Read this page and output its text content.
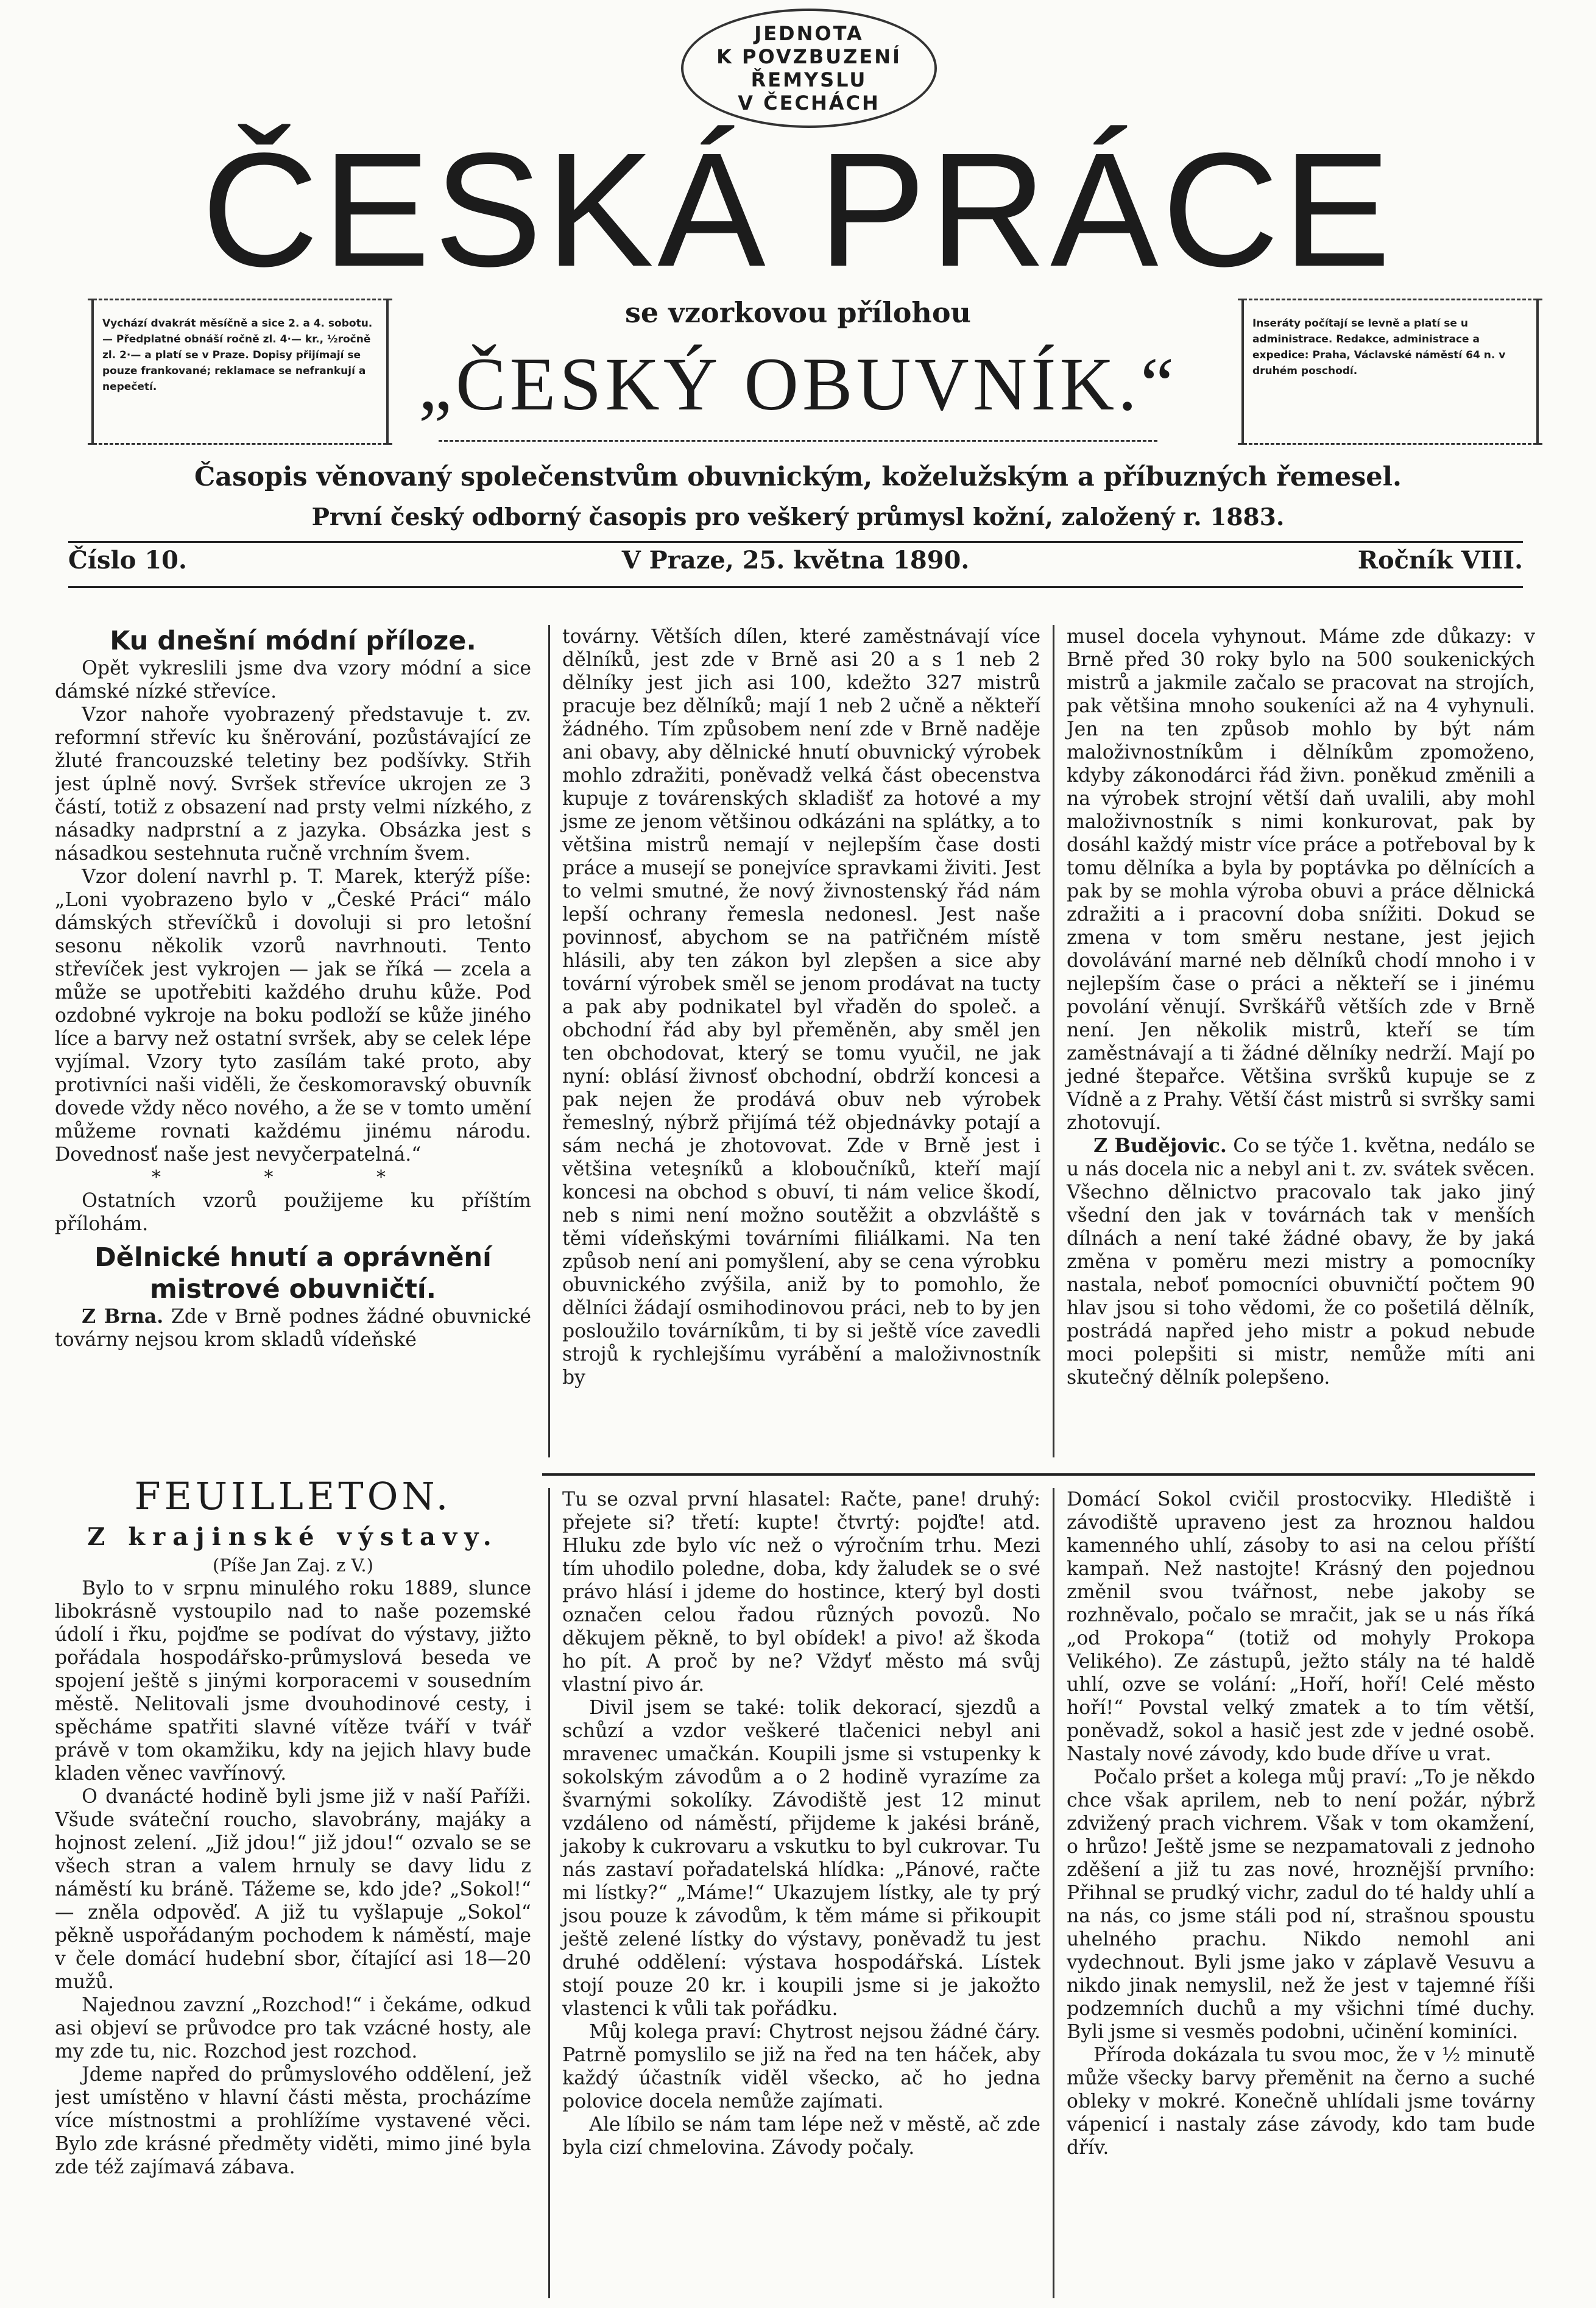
JEDNOTA
K POVZBUZENÍ
ŘEMYSLU
V ČECHÁCH
ČESKÁ PRÁCE
Vychází dvakrát měsíčně a sice 2. a 4. sobotu. — Předplatné obnáší ročně zl. 4·— kr., ½ročně zl. 2·— a platí se v Praze. Dopisy přijímají se pouze frankované; reklamace se nefrankují a nepečetí.
Inseráty počítají se levně a platí se u administrace. Redakce, administrace a expedice: Praha, Václavské náměstí 64 n. v druhém poschodí.
se vzorkovou přílohou
„ČESKÝ OBUVNÍK.“
Časopis věnovaný společenstvům obuvnickým, koželužským a příbuzných řemesel.
První český odborný časopis pro veškerý průmysl kožní, založený r. 1883.
Číslo 10.	V Praze, 25. května 1890.	Ročník VIII.
Ku dnešní módní příloze.

Opět vykreslili jsme dva vzory módní a sice dámské nízké střevíce.

Vzor nahoře vyobrazený představuje t. zv. reformní střevíc ku šněrování, pozůstávající ze žluté francouzské teletiny bez podšívky. Střih jest úplně nový. Svršek střevíce ukrojen ze 3 částí, totiž z obsazení nad prsty velmi nízkého, z násadky nadprstní a z jazyka. Obsázka jest s násadkou sestehnuta ručně vrchním švem.

Vzor dolení navrhl p. T. Marek, kterýž píše: „Loni vyobrazeno bylo v „České Práci“ málo dámských střevíčků i dovoluji si pro letošní sesonu několik vzorů navrhnouti. Tento střevíček jest vykrojen — jak se říká — zcela a může se upotřebiti každého druhu kůže. Pod ozdobné vykroje na boku podloží se kůže jiného líce a barvy než ostatní svršek, aby se celek lépe vyjímal. Vzory tyto zasílám také proto, aby protivníci naši viděli, že českomoravský obuvník dovede vždy něco nového, a že se v tomto umění můžeme rovnati každému jinému národu. Dovednosť naše jest nevyčerpatelná.“

* * *

Ostatních vzorů použijeme ku příštím přílohám.

Dělnické hnutí a oprávnění mistrové obuvničtí.

Z Brna. Zde v Brně podnes žádné obuvnické továrny nejsou krom skladů vídeňské

továrny. Větších dílen, které zaměstnávají více dělníků, jest zde v Brně asi 20 a s 1 neb 2 dělníky jest jich asi 100, kdežto 327 mistrů pracuje bez dělníků; mají 1 neb 2 učně a někteří žádného. Tím způsobem není zde v Brně naděje ani obavy, aby dělnické hnutí obuvnický výrobek mohlo zdražiti, poněvadž velká část obecenstva kupuje z továrenských skladišť za hotové a my jsme ze jenom většinou odkázáni na splátky, a to většina mistrů nemají v nejlepším čase dosti práce a musejí se ponejvíce spravkami živiti. Jest to velmi smutné, že nový živnostenský řád nám lepší ochrany řemesla nedonesl. Jest naše povinnosť, abychom se na patřičném místě hlásili, aby ten zákon byl zlepšen a sice aby tovární výrobek směl se jenom prodávat na tucty a pak aby podnikatel byl vřaděn do společ. a obchodní řád aby byl přeměněn, aby směl jen ten obchodovat, který se tomu vyučil, ne jak nyní: oblásí živnosť obchodní, obdrží koncesi a pak nejen že prodává obuv neb výrobek řemeslný, nýbrž přijímá též objednávky potají a sám nechá je zhotovovat. Zde v Brně jest i většina veteşníků a kloboučníků, kteří mají koncesi na obchod s obuví, ti nám velice škodí, neb s nimi není možno soutěžit a obzvláště s těmi vídeňskými továrními filiálkami. Na ten způsob není ani pomyšlení, aby se cena výrobku obuvnického zvýšila, aniž by to pomohlo, že dělníci žádají osmihodinovou práci, neb to by jen posloužilo továrníkům, ti by si ještě více zavedli strojů k rychlejšímu vyrábění a maloživnostník by

musel docela vyhynout. Máme zde důkazy: v Brně před 30 roky bylo na 500 soukenických mistrů a jakmile začalo se pracovat na strojích, pak většina mnoho soukeníci až na 4 vyhynuli. Jen na ten způsob mohlo by být nám maloživnostníkům i dělníkům zpomoženo, kdyby zákonodárci řád živn. poněkud změnili a na výrobek strojní větší daň uvalili, aby mohl maloživnostník s nimi konkurovat, pak by dosáhl každý mistr více práce a potřeboval by k tomu dělníka a byla by poptávka po dělnících a pak by se mohla výroba obuvi a práce dělnická zdražiti a i pracovní doba snížiti. Dokud se zmena v tom směru nestane, jest jejich dovolávání marné neb dělníků chodí mnoho i v nejlepším čase o práci a někteří se i jinému povolání věnují. Svrškářů větších zde v Brně není. Jen několik mistrů, kteří se tím zaměstnávají a ti žádné dělníky nedrží. Mají po jedné štepařce. Většina svršků kupuje se z Vídně a z Prahy. Větší část mistrů si svršky sami zhotovují.

Z Budějovic. Co se týče 1. května, nedálo se u nás docela nic a nebyl ani t. zv. svátek svěcen. Všechno dělnictvo pracovalo tak jako jiný všední den jak v továrnách tak v menších dílnách a není také žádné obavy, že by jaká změna v poměru mezi mistry a pomocníky nastala, neboť pomocníci obuvničtí počtem 90 hlav jsou si toho vědomi, že co pošetilá dělník, postrádá napřed jeho mistr a pokud nebude moci polepšiti si mistr, nemůže míti ani skutečný dělník polepšeno.

FEUILLETON.
Z krajinské výstavy.
(Píše Jan Zaj. z V.)

Bylo to v srpnu minulého roku 1889, slunce libokrásně vystoupilo nad to naše pozemské údolí i řku, pojďme se podívat do výstavy, jižto pořádala hospodářsko-průmyslová beseda ve spojení ještě s jinými korporacemi v sousedním městě. Nelitovali jsme dvouhodinové cesty, i spěcháme spatřiti slavné vítěze tváří v tvář právě v tom okamžiku, kdy na jejich hlavy bude kladen věnec vavřínový.

O dvanácté hodině byli jsme již v naší Paříži. Všude sváteční roucho, slavobrány, majáky a hojnost zelení. „Již jdou!“ již jdou!“ ozvalo se se všech stran a valem hrnuly se davy lidu z náměstí ku bráně. Tážeme se, kdo jde? „Sokol!“ — zněla odpověď. A již tu vyšlapuje „Sokol“ pěkně uspořádaným pochodem k náměstí, maje v čele domácí hudební sbor, čítající asi 18—20 mužů.

Najednou zavzní „Rozchod!“ i čekáme, odkud asi objeví se průvodce pro tak vzácné hosty, ale my zde tu, nic. Rozchod jest rozchod.

Jdeme napřed do průmyslového oddělení, jež jest umístěno v hlavní části města, procházíme více místnostmi a prohlížíme vystavené věci. Bylo zde krásné předměty viděti, mimo jiné byla zde též zajímavá zábava.

Tu se ozval první hlasatel: Račte, pane! druhý: přejete si? třetí: kupte! čtvrtý: pojďte! atd. Hluku zde bylo víc než o výročním trhu. Mezi tím uhodilo poledne, doba, kdy žaludek se o své právo hlásí i jdeme do hostince, který byl dosti označen celou řadou různých povozů. No děkujem pěkně, to byl obídek! a pivo! až škoda ho pít. A proč by ne? Vždyť město má svůj vlastní pivo ár.

Divil jsem se také: tolik dekorací, sjezdů a schůzí a vzdor veškeré tlačenici nebyl ani mravenec umačkán. Koupili jsme si vstupenky k sokolským závodům a o 2 hodině vyrazíme za švarnými sokolíky. Závodiště jest 12 minut vzdáleno od náměstí, přijdeme k jakési bráně, jakoby k cukrovaru a vskutku to byl cukrovar. Tu nás zastaví pořadatelská hlídka: „Pánové, račte mi lístky?“ „Máme!“ Ukazujem lístky, ale ty prý jsou pouze k závodům, k těm máme si přikoupit ještě zelené lístky do výstavy, poněvadž tu jest druhé oddělení: výstava hospodářská. Lístek stojí pouze 20 kr. i koupili jsme si je jakožto vlastenci k vůli tak pořádku.

Můj kolega praví: Chytrost nejsou žádné čáry. Patrně pomyslilo se již na řed na ten háček, aby každý účastník viděl všecko, ač ho jedna polovice docela nemůže zajímati.

Ale líbilo se nám tam lépe než v městě, ač zde byla cizí chmelovina. Závody počaly.

Domácí Sokol cvičil prostocviky. Hlediště i závodiště upraveno jest za hroznou haldou kamenného uhlí, zásoby to asi na celou příští kampaň. Než nastojte! Krásný den pojednou změnil svou tvářnost, nebe jakoby se rozhněvalo, počalo se mračit, jak se u nás říká „od Prokopa“ (totiž od mohyly Prokopa Velikého). Ze zástupů, ježto stály na té haldě uhlí, ozve se volání: „Hoří, hoří! Celé město hoří!“ Povstal velký zmatek a to tím větší, poněvadž, sokol a hasič jest zde v jedné osobě. Nastaly nové závody, kdo bude dříve u vrat.

Počalo pršet a kolega můj praví: „To je někdo chce však aprilem, neb to není požár, nýbrž zdvižený prach vichrem. Však v tom okamžení, o hrůzo! Ještě jsme se nezpamatovali z jednoho zděšení a již tu zas nové, hroznější prvního: Přihnal se prudký vichr, zadul do té haldy uhlí a na nás, co jsme stáli pod ní, strašnou spoustu uhelného prachu. Nikdo nemohl ani vydechnout. Byli jsme jako v záplavě Vesuvu a nikdo jinak nemyslil, než že jest v tajemné říši podzemních duchů a my všichni tímé duchy. Byli jsme si vesměs podobni, učinění kominíci.

Příroda dokázala tu svou moc, že v ½ minutě může všecky barvy přeměnit na černo a suché obleky v mokré. Konečně uhlídali jsme továrny vápenicí i nastaly záse závody, kdo tam bude dřív.
